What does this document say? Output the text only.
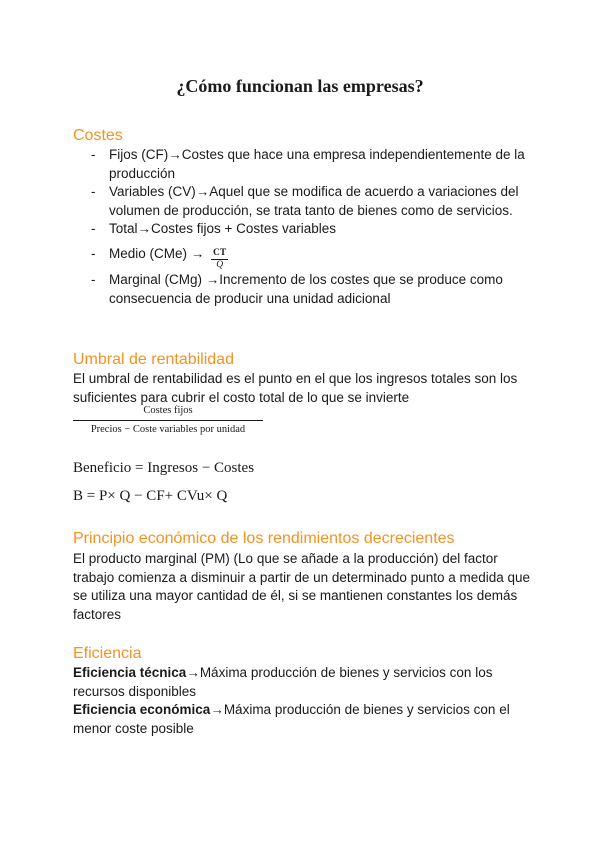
¿Cómo funcionan las empresas?
Costes
- Fijos (CF)→Costes que hace una empresa independientemente de la producción
- Variables (CV)→Aquel que se modifica de acuerdo a variaciones del volumen de producción, se trata tanto de bienes como de servicios.
- Total→Costes fijos + Costes variables
- Medio $(CMe) \to \frac{CT}{Q}$
- Marginal (CMg) →Incremento de los costes que se produce como consecuencia de producir una unidad adicional
Umbral de rentabilidad
El umbral de rentabilidad es el punto en el que los ingresos totales son los suficientes para cubrir el costo total de lo que se invierte
Costes fijos
Precios − Coste variables por unidad
Beneficio = Ingresos − Costes
B = P× Q − CF+ CVu× Q
Principio económico de los rendimientos decrecientes
El producto marginal (PM) (Lo que se añade a la producción) del factor trabajo comienza a disminuir a partir de un determinado punto a medida que se utiliza una mayor cantidad de él, si se mantienen constantes los demás factores
Eficiencia
Eficiencia técnica→Máxima producción de bienes y servicios con los recursos disponibles
Eficiencia económica→Máxima producción de bienes y servicios con el menor coste posible
